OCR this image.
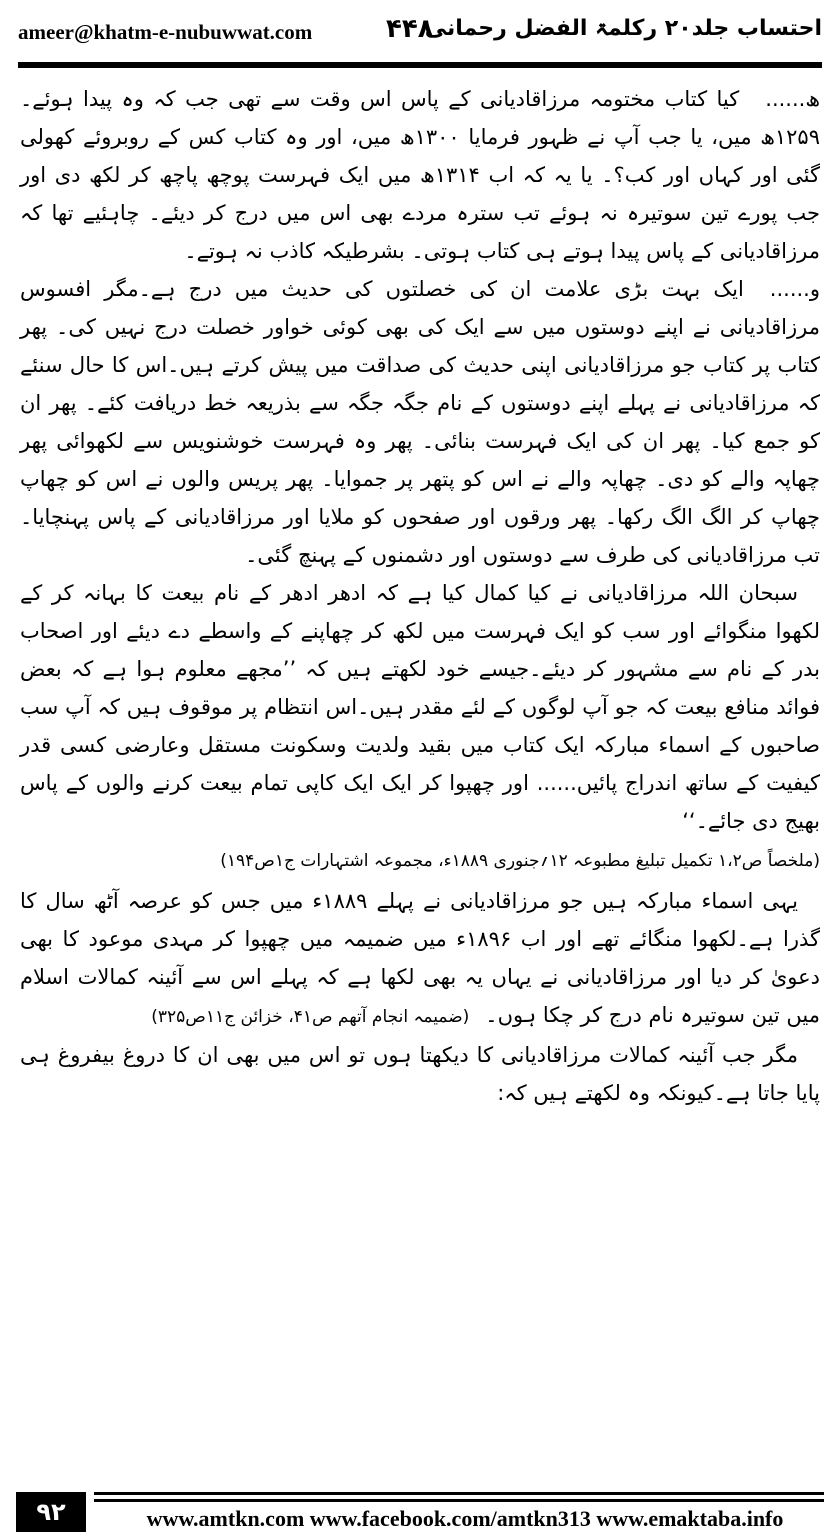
ameer@khatm-e-nubuwwat.com	۴۴۸
احتساب جلد۲۰ رکلمۃ الفضل رحمانی

ھ......کیا کتاب مختومہ مرزاقادیانی کے پاس اس وقت سے تھی جب کہ وہ پیدا ہوئے۔۱۲۵۹ھ میں، یا جب آپ نے ظہور فرمایا ۱۳۰۰ھ میں، اور وہ کتاب کس کے روبروئے کھولی گئی اور کہاں اور کب؟۔ یا یہ کہ اب ۱۳۱۴ھ میں ایک فہرست پوچھ پاچھ کر لکھ دی اور جب پورے تین سوتیرہ نہ ہوئے تب سترہ مردے بھی اس میں درج کر دیئے۔ چاہئیے تھا کہ مرزاقادیانی کے پاس پیدا ہوتے ہی کتاب ہوتی۔ بشرطیکہ کاذب نہ ہوتے۔

و......ایک بہت بڑی علامت ان کی خصلتوں کی حدیث میں درج ہے۔مگر افسوس مرزاقادیانی نے اپنے دوستوں میں سے ایک کی بھی کوئی خواور خصلت درج نہیں کی۔ پھر کتاب پر کتاب جو مرزاقادیانی اپنی حدیث کی صداقت میں پیش کرتے ہیں۔اس کا حال سنئے کہ مرزاقادیانی نے پہلے اپنے دوستوں کے نام جگہ جگہ سے بذریعہ خط دریافت کئے۔ پھر ان کو جمع کیا۔ پھر ان کی ایک فہرست بنائی۔ پھر وہ فہرست خوشنویس سے لکھوائی پھر چھاپہ والے کو دی۔ چھاپہ والے نے اس کو پتھر پر جموایا۔ پھر پریس والوں نے اس کو چھاپ چھاپ کر الگ الگ رکھا۔ پھر ورقوں اور صفحوں کو ملایا اور مرزاقادیانی کے پاس پہنچایا۔ تب مرزاقادیانی کی طرف سے دوستوں اور دشمنوں کے پہنچ گئی۔

سبحان اللہ مرزاقادیانی نے کیا کمال کیا ہے کہ ادھر ادھر کے نام بیعت کا بہانہ کر کے لکھوا منگوائے اور سب کو ایک فہرست میں لکھ کر چھاپنے کے واسطے دے دیئے اور اصحاب بدر کے نام سے مشہور کر دیئے۔جیسے خود لکھتے ہیں کہ ’’مجھے معلوم ہوا ہے کہ بعض فوائد منافع بیعت کہ جو آپ لوگوں کے لئے مقدر ہیں۔اس انتظام پر موقوف ہیں کہ آپ سب صاحبوں کے اسماء مبارکہ ایک کتاب میں بقید ولدیت وسکونت مستقل وعارضی کسی قدر کیفیت کے ساتھ اندراج پائیں...... اور چھپوا کر ایک ایک کاپی تمام بیعت کرنے والوں کے پاس بھیج دی جائے۔‘‘

(ملخصاً ص۱،۲ تکمیل تبلیغ مطبوعہ ۱۲؍جنوری ۱۸۸۹ء، مجموعہ اشتہارات ج۱ص۱۹۴)

یہی اسماء مبارکہ ہیں جو مرزاقادیانی نے پہلے ۱۸۸۹ء میں جس کو عرصہ آٹھ سال کا گذرا ہے۔لکھوا منگائے تھے اور اب ۱۸۹۶ء میں ضمیمہ میں چھپوا کر مہدی موعود کا بھی دعویٰ کر دیا اور مرزاقادیانی نے یہاں یہ بھی لکھا ہے کہ پہلے اس سے آئینہ کمالات اسلام میں تین سوتیرہ نام درج کر چکا ہوں۔(ضمیمہ انجام آتھم ص۴۱، خزائن ج۱۱ص۳۲۵)

مگر جب آئینہ کمالات مرزاقادیانی کا دیکھتا ہوں تو اس میں بھی ان کا دروغ بیفروغ ہی پایا جاتا ہے۔کیونکہ وہ لکھتے ہیں کہ:

۹۲	www.amtkn.com www.facebook.com/amtkn313 www.emaktaba.info
